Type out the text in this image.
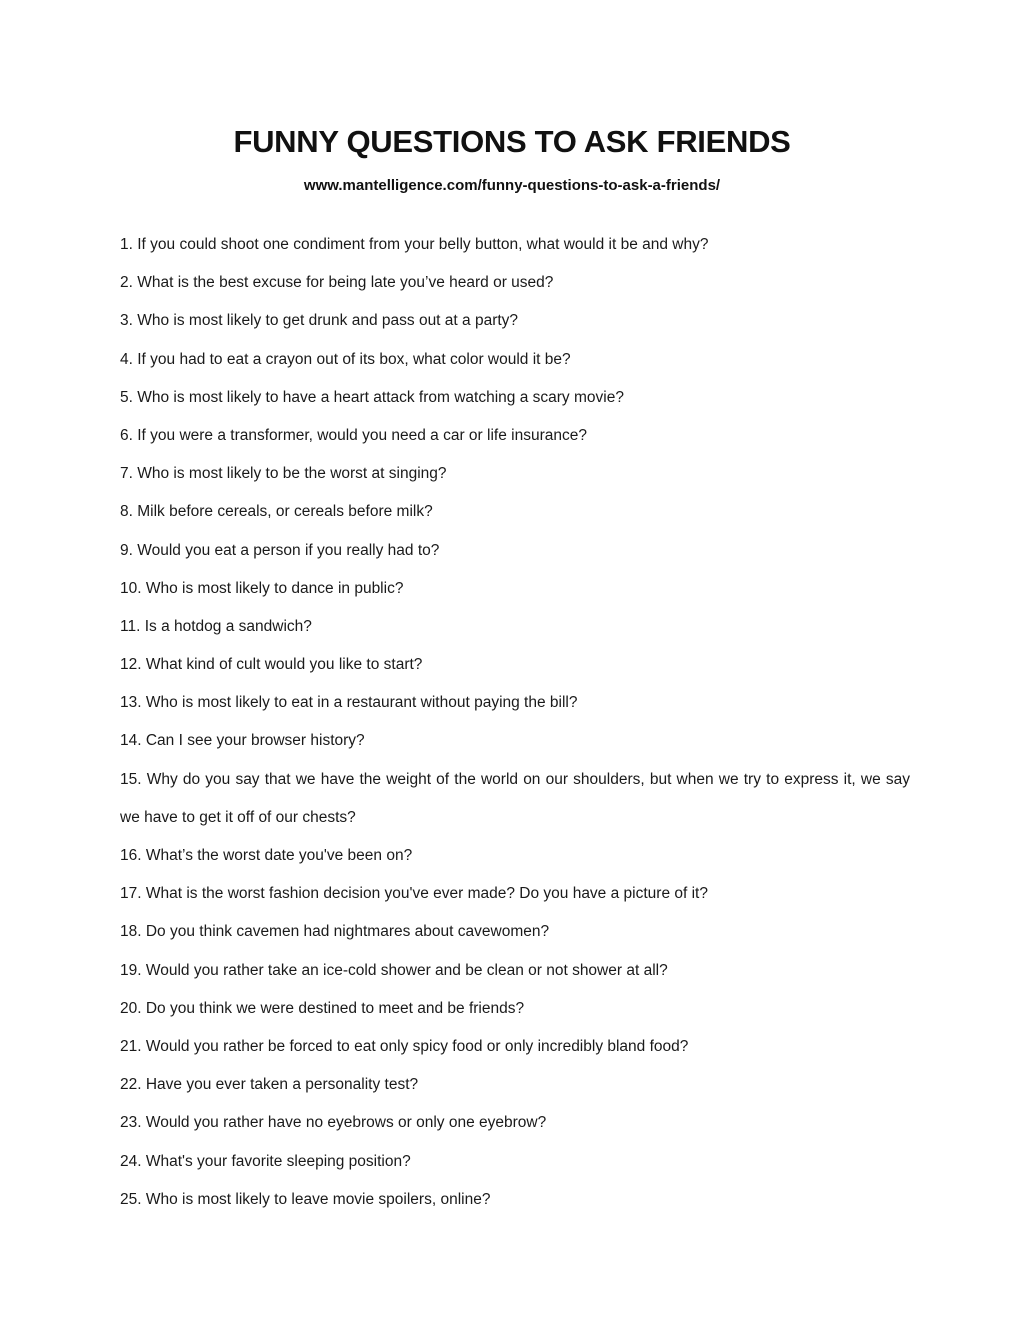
FUNNY QUESTIONS TO ASK FRIENDS
www.mantelligence.com/funny-questions-to-ask-a-friends/
1. If you could shoot one condiment from your belly button, what would it be and why?
2. What is the best excuse for being late you’ve heard or used?
3. Who is most likely to get drunk and pass out at a party?
4. If you had to eat a crayon out of its box, what color would it be?
5. Who is most likely to have a heart attack from watching a scary movie?
6. If you were a transformer, would you need a car or life insurance?
7. Who is most likely to be the worst at singing?
8. Milk before cereals, or cereals before milk?
9. Would you eat a person if you really had to?
10. Who is most likely to dance in public?
11. Is a hotdog a sandwich?
12. What kind of cult would you like to start?
13. Who is most likely to eat in a restaurant without paying the bill?
14. Can I see your browser history?
15. Why do you say that we have the weight of the world on our shoulders, but when we try to express it, we say we have to get it off of our chests?
16. What’s the worst date you've been on?
17. What is the worst fashion decision you've ever made? Do you have a picture of it?
18. Do you think cavemen had nightmares about cavewomen?
19. Would you rather take an ice-cold shower and be clean or not shower at all?
20. Do you think we were destined to meet and be friends?
21. Would you rather be forced to eat only spicy food or only incredibly bland food?
22. Have you ever taken a personality test?
23. Would you rather have no eyebrows or only one eyebrow?
24. What's your favorite sleeping position?
25. Who is most likely to leave movie spoilers, online?
